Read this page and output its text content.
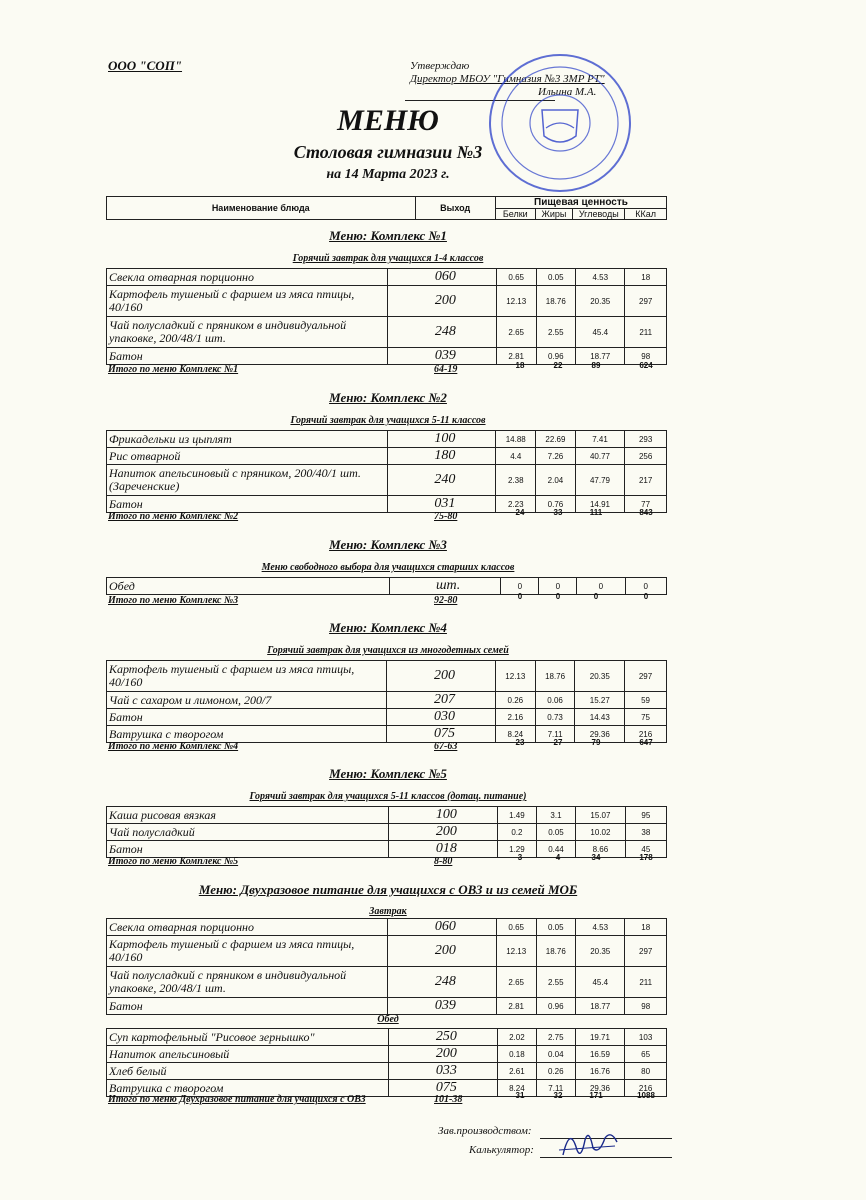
ООО "СОП"	Утверждаю
Директор МБОУ "Гимназия №3 ЗМР РТ"
Ильина М.А.
МЕНЮ
Столовая гимназии №3
на 14 Марта 2023 г.
Наименование блюда	Выход	Пищевая ценность			
		Белки	Жиры	Углеводы	ККал
Меню: Комплекс №1
Горячий завтрак для учащихся 1-4 классов
Свекла отварная порционно	060	0.65	0.05	4.53	18
Картофель тушеный с фаршем из мяса птицы, 40/160	200	12.13	18.76	20.35	297
Чай полусладкий с пряником в индивидуальной упаковке, 200/48/1 шт.	248	2.65	2.55	45.4	211
Батон	039	2.81	0.96	18.77	98
Итого по меню Комплекс №1	64-19	18	22	89	624
Меню: Комплекс №2
Горячий завтрак для учащихся 5-11 классов
Фрикадельки из цыплят	100	14.88	22.69	7.41	293
Рис отварной	180	4.4	7.26	40.77	256
Напиток апельсиновый с пряником, 200/40/1 шт. (Зареченские)	240	2.38	2.04	47.79	217
Батон	031	2.23	0.76	14.91	77
Итого по меню Комплекс №2	75-80	24	33	111	843
Меню: Комплекс №3
Меню свободного выбора для учащихся старших классов
Обед	шт.	0	0	0	0
Итого по меню Комплекс №3	92-80	0	0	0	0
Меню: Комплекс №4
Горячий завтрак для учащихся из многодетных семей
Картофель тушеный с фаршем из мяса птицы, 40/160	200	12.13	18.76	20.35	297
Чай с сахаром и лимоном, 200/7	207	0.26	0.06	15.27	59
Батон	030	2.16	0.73	14.43	75
Ватрушка с творогом	075	8.24	7.11	29.36	216
Итого по меню Комплекс №4	67-63	23	27	79	647
Меню: Комплекс №5
Горячий завтрак для учащихся 5-11 классов (дотац. питание)
Каша рисовая вязкая	100	1.49	3.1	15.07	95
Чай полусладкий	200	0.2	0.05	10.02	38
Батон	018	1.29	0.44	8.66	45
Итого по меню Комплекс №5	8-80	3	4	34	178
Меню: Двухразовое питание для учащихся с ОВЗ и из семей МОБ
Завтрак
Свекла отварная порционно	060	0.65	0.05	4.53	18
Картофель тушеный с фаршем из мяса птицы, 40/160	200	12.13	18.76	20.35	297
Чай полусладкий с пряником в индивидуальной упаковке, 200/48/1 шт.	248	2.65	2.55	45.4	211
Батон	039	2.81	0.96	18.77	98
Обед
Суп картофельный "Рисовое зернышко"	250	2.02	2.75	19.71	103
Напиток апельсиновый	200	0.18	0.04	16.59	65
Хлеб белый	033	2.61	0.26	16.76	80
Ватрушка с творогом	075	8.24	7.11	29.36	216
Итого по меню Двухразовое питание для учащихся с ОВЗ	101-38	31	32	171	1088
Зав.производством:
Калькулятор:
